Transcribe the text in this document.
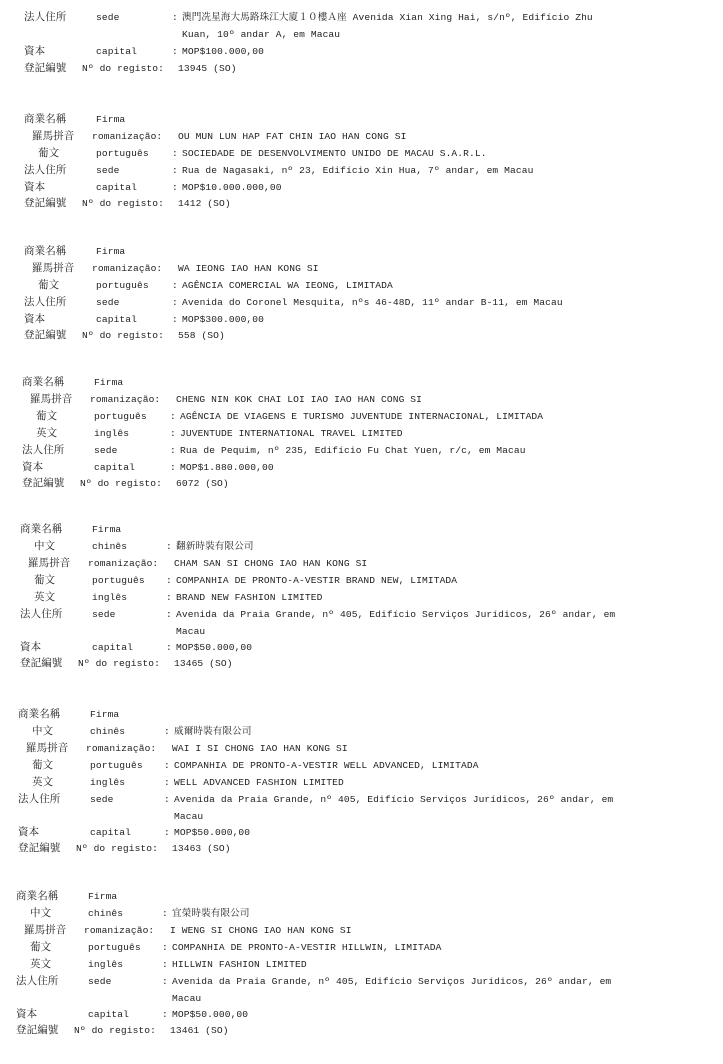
法人住所	sede	: 澳門冼星海大馬路珠江大廈１０樓Ａ座 Avenida Xian Xing Hai, s/nº, Edifício Zhu
Kuan, 10º andar A, em Macau
資本	capital	: MOP$100.000,00
登記編號 Nº do registo: 13945 (SO)
商業名稱	Firma
羅馬拼音 romanização: OU MUN LUN HAP FAT CHIN IAO HAN CONG SI
葡文	português : SOCIEDADE DE DESENVOLVIMENTO UNIDO DE MACAU S.A.R.L.
法人住所	sede	: Rua de Nagasaki, nº 23, Edifício Xin Hua, 7º andar, em Macau
資本	capital	: MOP$10.000.000,00
登記編號 Nº do registo: 1412 (SO)
商業名稱	Firma
羅馬拼音 romanização: WA IEONG IAO HAN KONG SI
葡文	português : AGÊNCIA COMERCIAL WA IEONG, LIMITADA
法人住所	sede	: Avenida do Coronel Mesquita, nºs 46-48D, 11º andar B-11, em Macau
資本	capital	: MOP$300.000,00
登記編號 Nº do registo: 558 (SO)
商業名稱	Firma
羅馬拼音 romanização: CHENG NIN KOK CHAI LOI IAO IAO HAN CONG SI
葡文	português : AGÊNCIA DE VIAGENS E TURISMO JUVENTUDE INTERNACIONAL, LIMITADA
英文	inglês	: JUVENTUDE INTERNATIONAL TRAVEL LIMITED
法人住所	sede	: Rua de Pequim, nº 235, Edifício Fu Chat Yuen, r/c, em Macau
資本	capital	: MOP$1.880.000,00
登記編號 Nº do registo: 6072 (SO)
商業名稱	Firma
中文	chinês	: 翻新時裝有限公司
羅馬拼音 romanização: CHAM SAN SI CHONG IAO HAN KONG SI
葡文	português : COMPANHIA DE PRONTO-A-VESTIR BRAND NEW, LIMITADA
英文	inglês	: BRAND NEW FASHION LIMITED
法人住所	sede	: Avenida da Praia Grande, nº 405, Edifício Serviços Jurídicos, 26º andar, em
Macau
資本	capital	: MOP$50.000,00
登記編號 Nº do registo: 13465 (SO)
商業名稱	Firma
中文	chinês	: 威爾時裝有限公司
羅馬拼音 romanização: WAI I SI CHONG IAO HAN KONG SI
葡文	português : COMPANHIA DE PRONTO-A-VESTIR WELL ADVANCED, LIMITADA
英文	inglês	: WELL ADVANCED FASHION LIMITED
法人住所	sede	: Avenida da Praia Grande, nº 405, Edifício Serviços Jurídicos, 26º andar, em
Macau
資本	capital	: MOP$50.000,00
登記編號 Nº do registo: 13463 (SO)
商業名稱	Firma
中文	chinês	: 宜榮時裝有限公司
羅馬拼音 romanização: I WENG SI CHONG IAO HAN KONG SI
葡文	português : COMPANHIA DE PRONTO-A-VESTIR HILLWIN, LIMITADA
英文	inglês	: HILLWIN FASHION LIMITED
法人住所	sede	: Avenida da Praia Grande, nº 405, Edifício Serviços Jurídicos, 26º andar, em
Macau
資本	capital	: MOP$50.000,00
登記編號 Nº do registo: 13461 (SO)
